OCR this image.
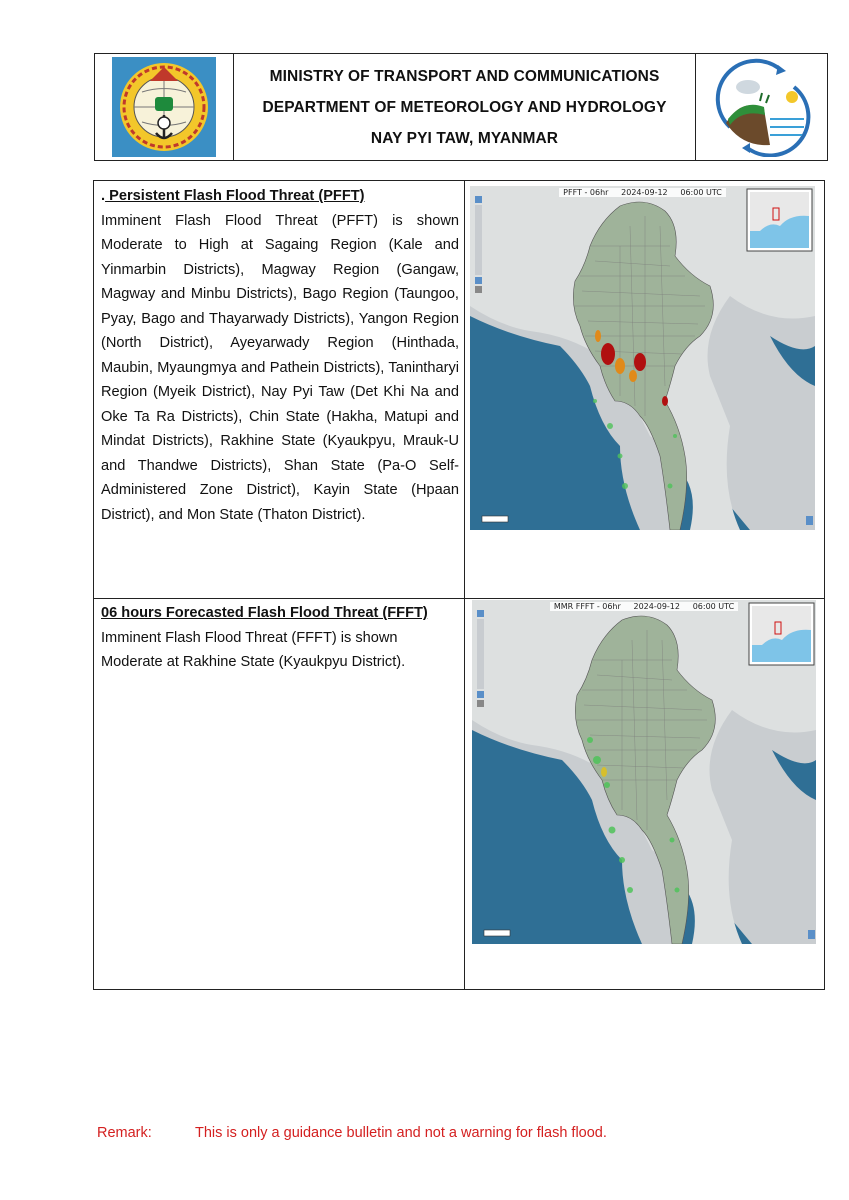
MINISTRY OF TRANSPORT AND COMMUNICATIONS
DEPARTMENT OF METEOROLOGY AND HYDROLOGY
NAY PYI TAW, MYANMAR
. Persistent Flash Flood Threat (PFFT)
Imminent Flash Flood Threat (PFFT) is shown Moderate to High at Sagaing Region (Kale and Yinmarbin Districts), Magway Region (Gangaw, Magway and Minbu Districts), Bago Region (Taungoo, Pyay, Bago and Thayarwady Districts), Yangon Region (North District), Ayeyarwady Region (Hinthada, Maubin, Myaungmya and Pathein Districts), Tanintharyi Region (Myeik District), Nay Pyi Taw (Det Khi Na and Oke Ta Ra Districts), Chin State (Hakha, Matupi and Mindat Districts), Rakhine State (Kyaukpyu, Mrauk-U and Thandwe Districts), Shan State (Pa-O Self-Administered Zone District), Kayin State (Hpaan District), and Mon State (Thaton District).
PFFT - 06hr     2024-09-12     06:00 UTC
06 hours Forecasted Flash Flood Threat (FFFT)
Imminent Flash Flood Threat (FFFT) is shown Moderate at Rakhine State (Kyaukpyu District).
MMR FFFT - 06hr     2024-09-12     06:00 UTC
Remark:	This is only a guidance bulletin and not a warning for flash flood.
